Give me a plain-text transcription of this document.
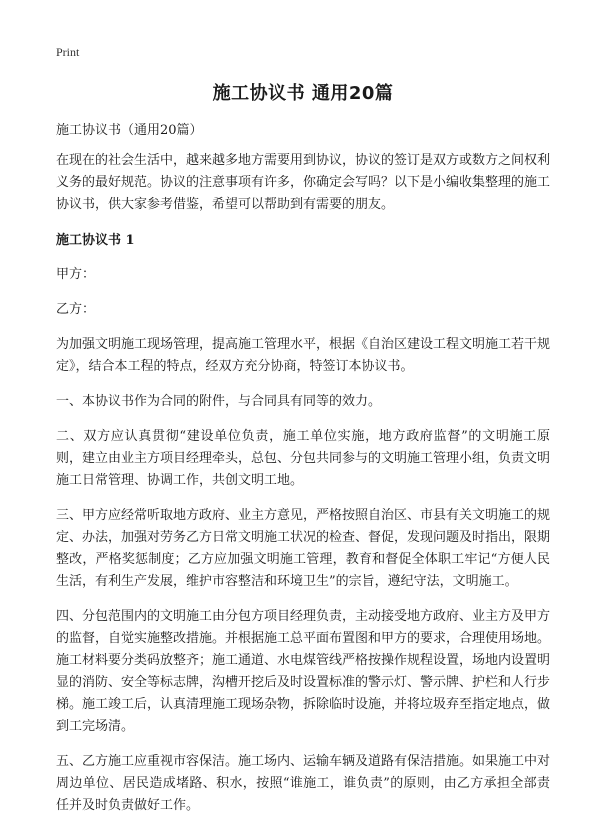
Print

施工协议书 通用20篇

施工协议书（通用20篇）

在现在的社会生活中，越来越多地方需要用到协议，协议的签订是双方或数方之间权利义务的最好规范。协议的注意事项有许多，你确定会写吗？以下是小编收集整理的施工协议书，供大家参考借鉴，希望可以帮助到有需要的朋友。

施工协议书 1

甲方：

乙方：

为加强文明施工现场管理，提高施工管理水平，根据《自治区建设工程文明施工若干规定》，结合本工程的特点，经双方充分协商，特签订本协议书。

一、本协议书作为合同的附件，与合同具有同等的效力。

二、双方应认真贯彻“建设单位负责，施工单位实施，地方政府监督”的文明施工原则，建立由业主方项目经理牵头，总包、分包共同参与的文明施工管理小组，负责文明施工日常管理、协调工作，共创文明工地。

三、甲方应经常听取地方政府、业主方意见，严格按照自治区、市县有关文明施工的规定、办法，加强对劳务乙方日常文明施工状况的检查、督促，发现问题及时指出，限期整改，严格奖惩制度；乙方应加强文明施工管理，教育和督促全体职工牢记“方便人民生活，有利生产发展，维护市容整洁和环境卫生”的宗旨，遵纪守法，文明施工。

四、分包范围内的文明施工由分包方项目经理负责，主动接受地方政府、业主方及甲方的监督，自觉实施整改措施。并根据施工总平面布置图和甲方的要求，合理使用场地。施工材料要分类码放整齐；施工通道、水电煤管线严格按操作规程设置，场地内设置明显的消防、安全等标志牌，沟槽开挖后及时设置标准的警示灯、警示牌、护栏和人行步梯。施工竣工后，认真清理施工现场杂物，拆除临时设施，并将垃圾弃至指定地点，做到工完场清。

五、乙方施工应重视市容保洁。施工场内、运输车辆及道路有保洁措施。如果施工中对周边单位、居民造成堵路、积水，按照“谁施工，谁负责”的原则，由乙方承担全部责任并及时负责做好工作。
